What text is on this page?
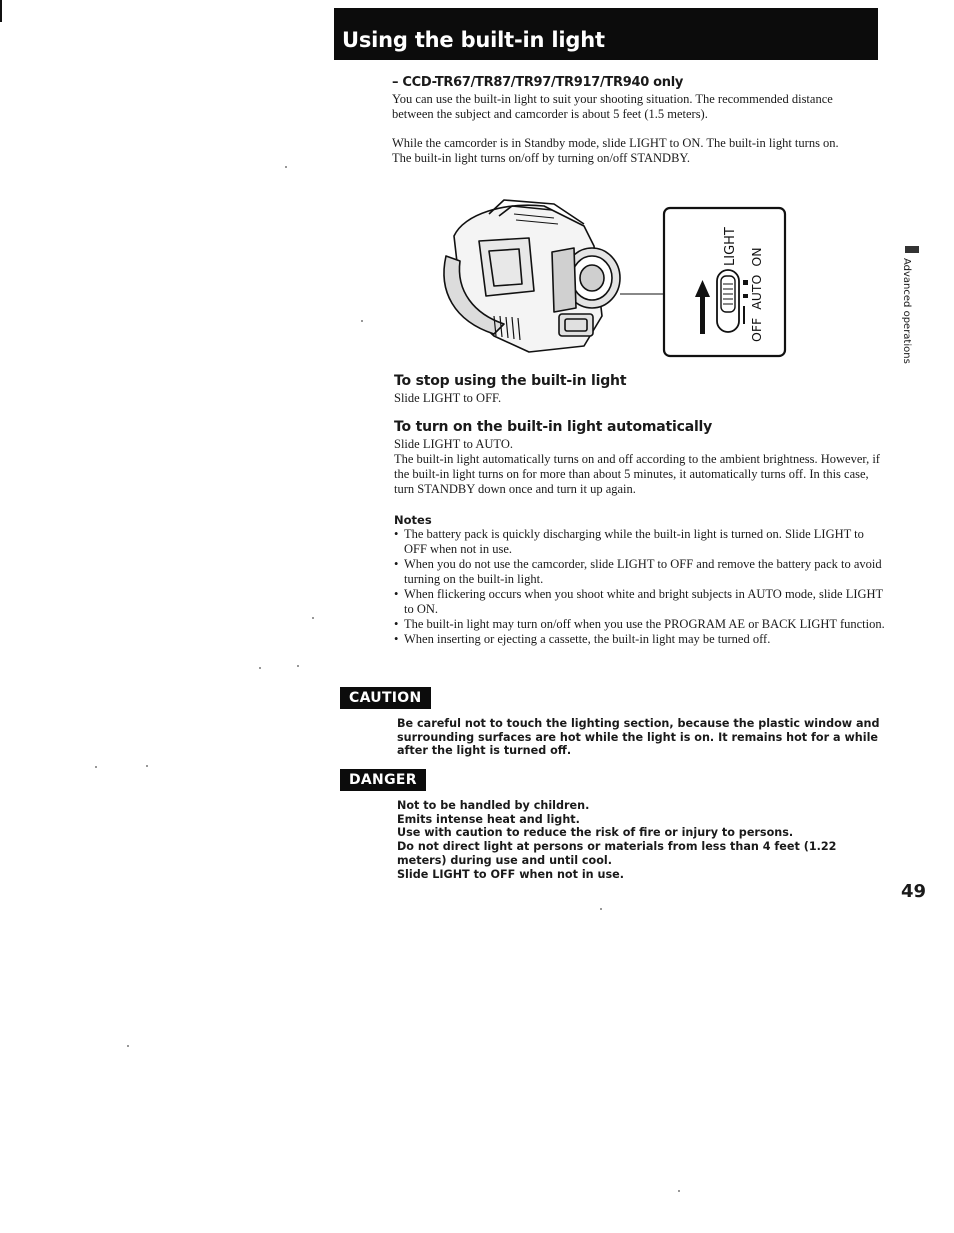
Using the built-in light
– CCD-TR67/TR87/TR97/TR917/TR940 only

You can use the built-in light to suit your shooting situation. The recommended distance between the subject and camcorder is about 5 feet (1.5 meters).

While the camcorder is in Standby mode, slide LIGHT to ON. The built-in light turns on.
The built-in light turns on/off by turning on/off STANDBY.
LIGHT
OFF AUTO ON
To stop using the built-in light

Slide LIGHT to OFF.

To turn on the built-in light automatically

Slide LIGHT to AUTO.

The built-in light automatically turns on and off according to the ambient brightness. However, if the built-in light turns on for more than about 5 minutes, it automatically turns off. In this case, turn STANDBY down once and turn it up again.

Notes
• The battery pack is quickly discharging while the built-in light is turned on. Slide LIGHT to OFF when not in use.
• When you do not use the camcorder, slide LIGHT to OFF and remove the battery pack to avoid turning on the built-in light.
• When flickering occurs when you shoot white and bright subjects in AUTO mode, slide LIGHT to ON.
• The built-in light may turn on/off when you use the PROGRAM AE or BACK LIGHT function.
• When inserting or ejecting a cassette, the built-in light may be turned off.
CAUTION

Be careful not to touch the lighting section, because the plastic window and surrounding surfaces are hot while the light is on. It remains hot for a while after the light is turned off.

DANGER
Not to be handled by children.
Emits intense heat and light.
Use with caution to reduce the risk of fire or injury to persons.
Do not direct light at persons or materials from less than 4 feet (1.22 meters) during use and until cool.
Slide LIGHT to OFF when not in use.
Advanced operations
49
